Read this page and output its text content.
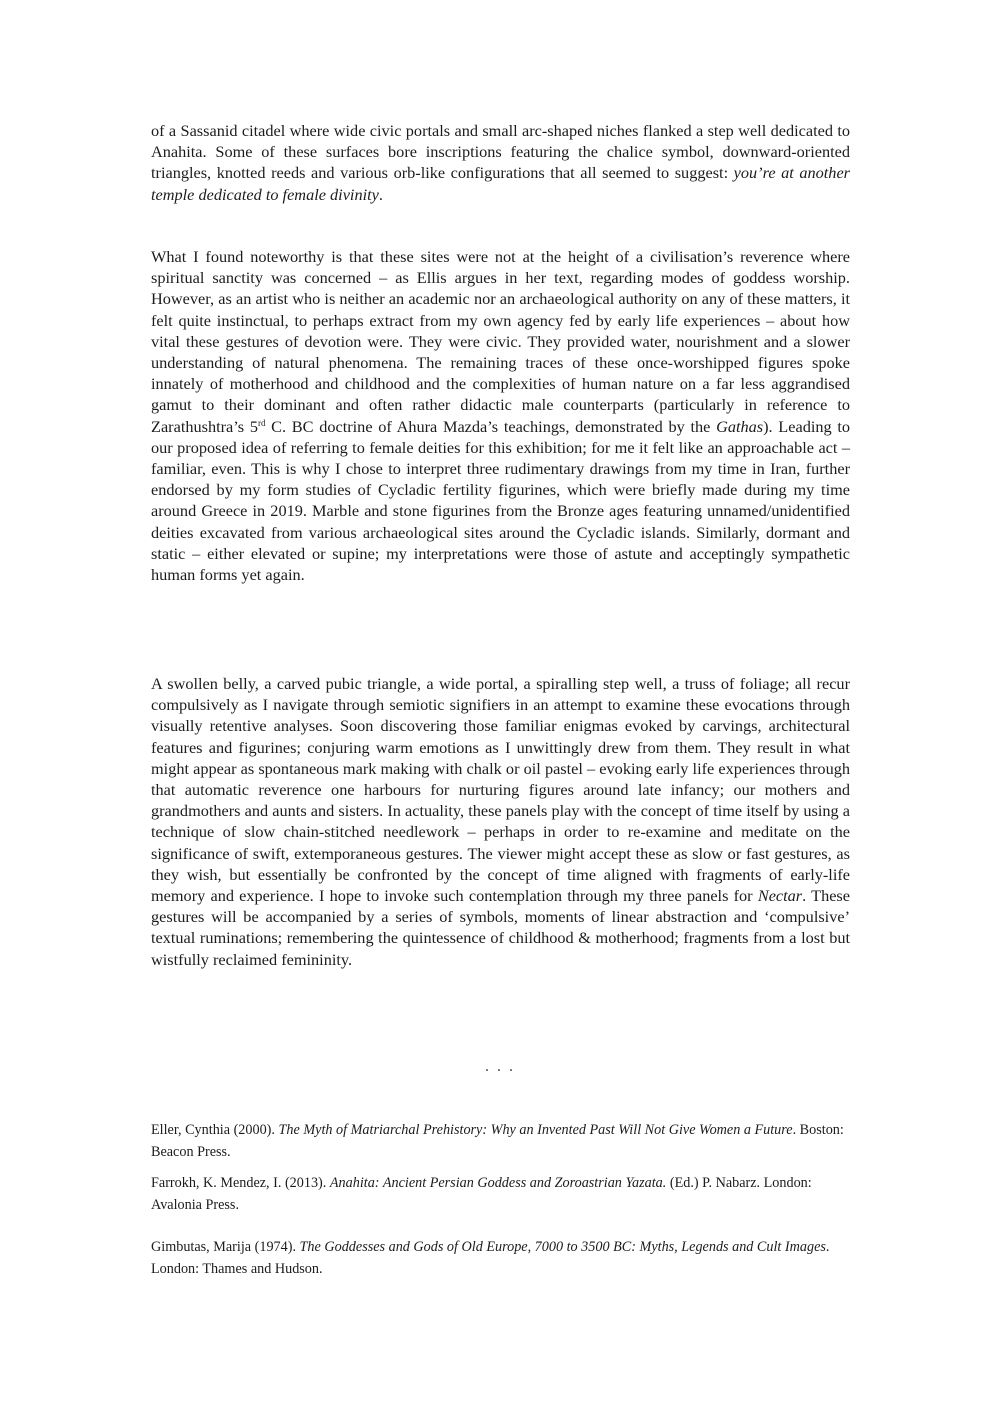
of a Sassanid citadel where wide civic portals and small arc-shaped niches flanked a step well dedicated to Anahita. Some of these surfaces bore inscriptions featuring the chalice symbol, downward-oriented triangles, knotted reeds and various orb-like configurations that all seemed to suggest: you’re at another temple dedicated to female divinity.

What I found noteworthy is that these sites were not at the height of a civilisation’s reverence where spiritual sanctity was concerned – as Ellis argues in her text, regarding modes of goddess worship. However, as an artist who is neither an academic nor an archaeological authority on any of these matters, it felt quite instinctual, to perhaps extract from my own agency fed by early life experiences – about how vital these gestures of devotion were. They were civic. They provided water, nourishment and a slower understanding of natural phenomena. The remaining traces of these once-worshipped figures spoke innately of motherhood and childhood and the complexities of human nature on a far less aggrandised gamut to their dominant and often rather didactic male counterparts (particularly in reference to Zarathushtra’s 5rd C. BC doctrine of Ahura Mazda’s teachings, demonstrated by the Gathas). Leading to our proposed idea of referring to female deities for this exhibition; for me it felt like an approachable act – familiar, even. This is why I chose to interpret three rudimentary drawings from my time in Iran, further endorsed by my form studies of Cycladic fertility figurines, which were briefly made during my time around Greece in 2019. Marble and stone figurines from the Bronze ages featuring unnamed/unidentified deities excavated from various archaeological sites around the Cycladic islands. Similarly, dormant and static – either elevated or supine; my interpretations were those of astute and acceptingly sympathetic human forms yet again.

A swollen belly, a carved pubic triangle, a wide portal, a spiralling step well, a truss of foliage; all recur compulsively as I navigate through semiotic signifiers in an attempt to examine these evocations through visually retentive analyses. Soon discovering those familiar enigmas evoked by carvings, architectural features and figurines; conjuring warm emotions as I unwittingly drew from them. They result in what might appear as spontaneous mark making with chalk or oil pastel – evoking early life experiences through that automatic reverence one harbours for nurturing figures around late infancy; our mothers and grandmothers and aunts and sisters. In actuality, these panels play with the concept of time itself by using a technique of slow chain-stitched needlework – perhaps in order to re-examine and meditate on the significance of swift, extemporaneous gestures. The viewer might accept these as slow or fast gestures, as they wish, but essentially be confronted by the concept of time aligned with fragments of early-life memory and experience. I hope to invoke such contemplation through my three panels for Nectar. These gestures will be accompanied by a series of symbols, moments of linear abstraction and ‘compulsive’ textual ruminations; remembering the quintessence of childhood & motherhood; fragments from a lost but wistfully reclaimed femininity.

. . .

Eller, Cynthia (2000). The Myth of Matriarchal Prehistory: Why an Invented Past Will Not Give Women a Future. Boston: Beacon Press.

Farrokh, K. Mendez, I. (2013). Anahita: Ancient Persian Goddess and Zoroastrian Yazata. (Ed.) P. Nabarz. London: Avalonia Press.

Gimbutas, Marija (1974). The Goddesses and Gods of Old Europe, 7000 to 3500 BC: Myths, Legends and Cult Images. London: Thames and Hudson.
